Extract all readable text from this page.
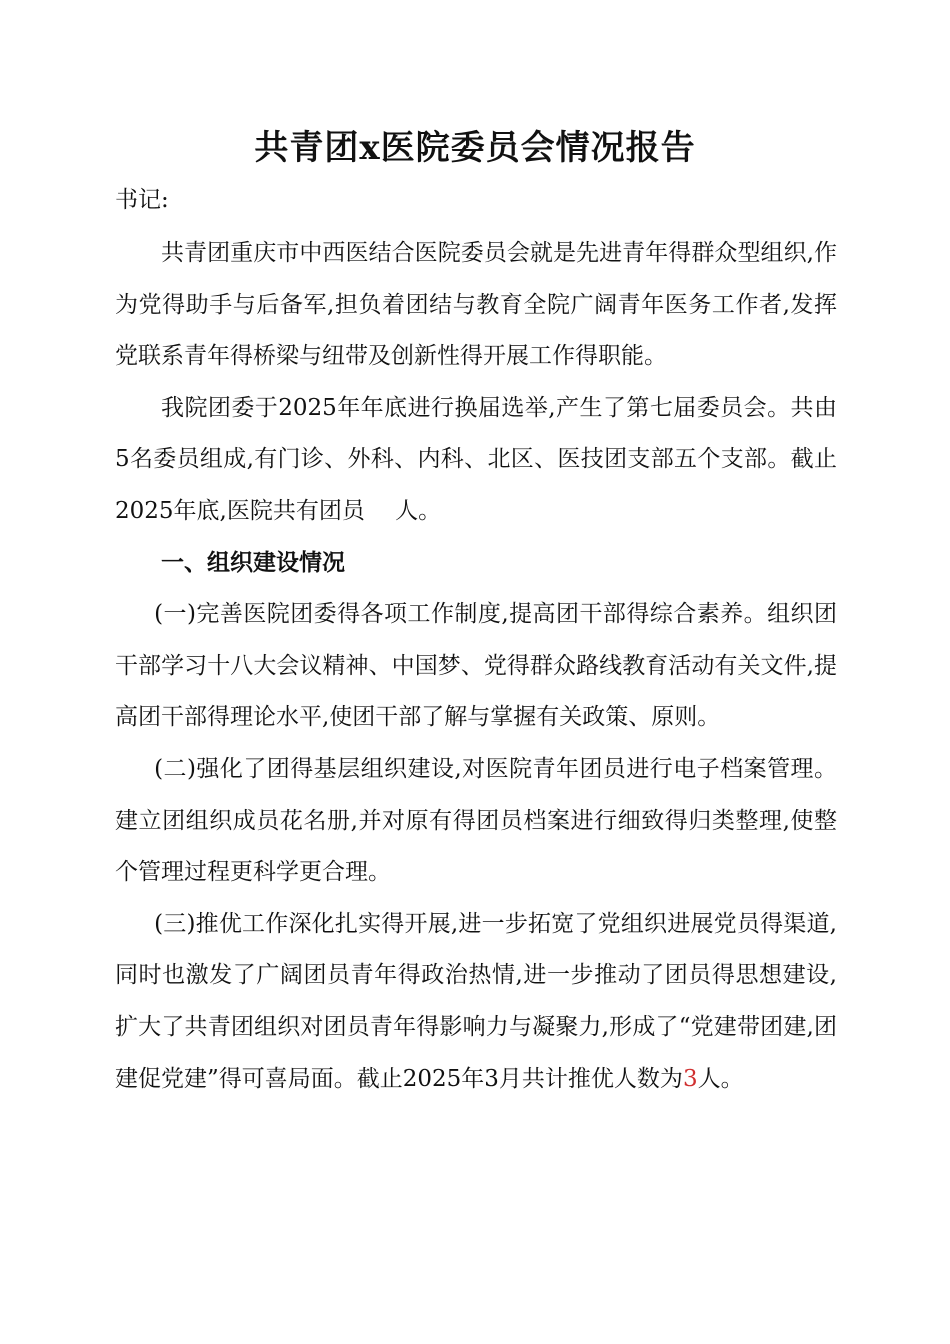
共青团x医院委员会情况报告
书记:

共青团重庆市中西医结合医院委员会就是先进青年得群众型组织,作为党得助手与后备军,担负着团结与教育全院广阔青年医务工作者,发挥党联系青年得桥梁与纽带及创新性得开展工作得职能。

我院团委于2025年年底进行换届选举,产生了第七届委员会。共由5名委员组成,有门诊、外科、内科、北区、医技团支部五个支部。截止2025年底,医院共有团员　 人。

一、组织建设情况

(一)完善医院团委得各项工作制度,提高团干部得综合素养。组织团干部学习十八大会议精神、中国梦、党得群众路线教育活动有关文件,提高团干部得理论水平,使团干部了解与掌握有关政策、原则。

(二)强化了团得基层组织建设,对医院青年团员进行电子档案管理。建立团组织成员花名册,并对原有得团员档案进行细致得归类整理,使整个管理过程更科学更合理。

(三)推优工作深化扎实得开展,进一步拓宽了党组织进展党员得渠道,同时也激发了广阔团员青年得政治热情,进一步推动了团员得思想建设,扩大了共青团组织对团员青年得影响力与凝聚力,形成了“党建带团建,团建促党建”得可喜局面。截止2025年3月共计推优人数为3人。
